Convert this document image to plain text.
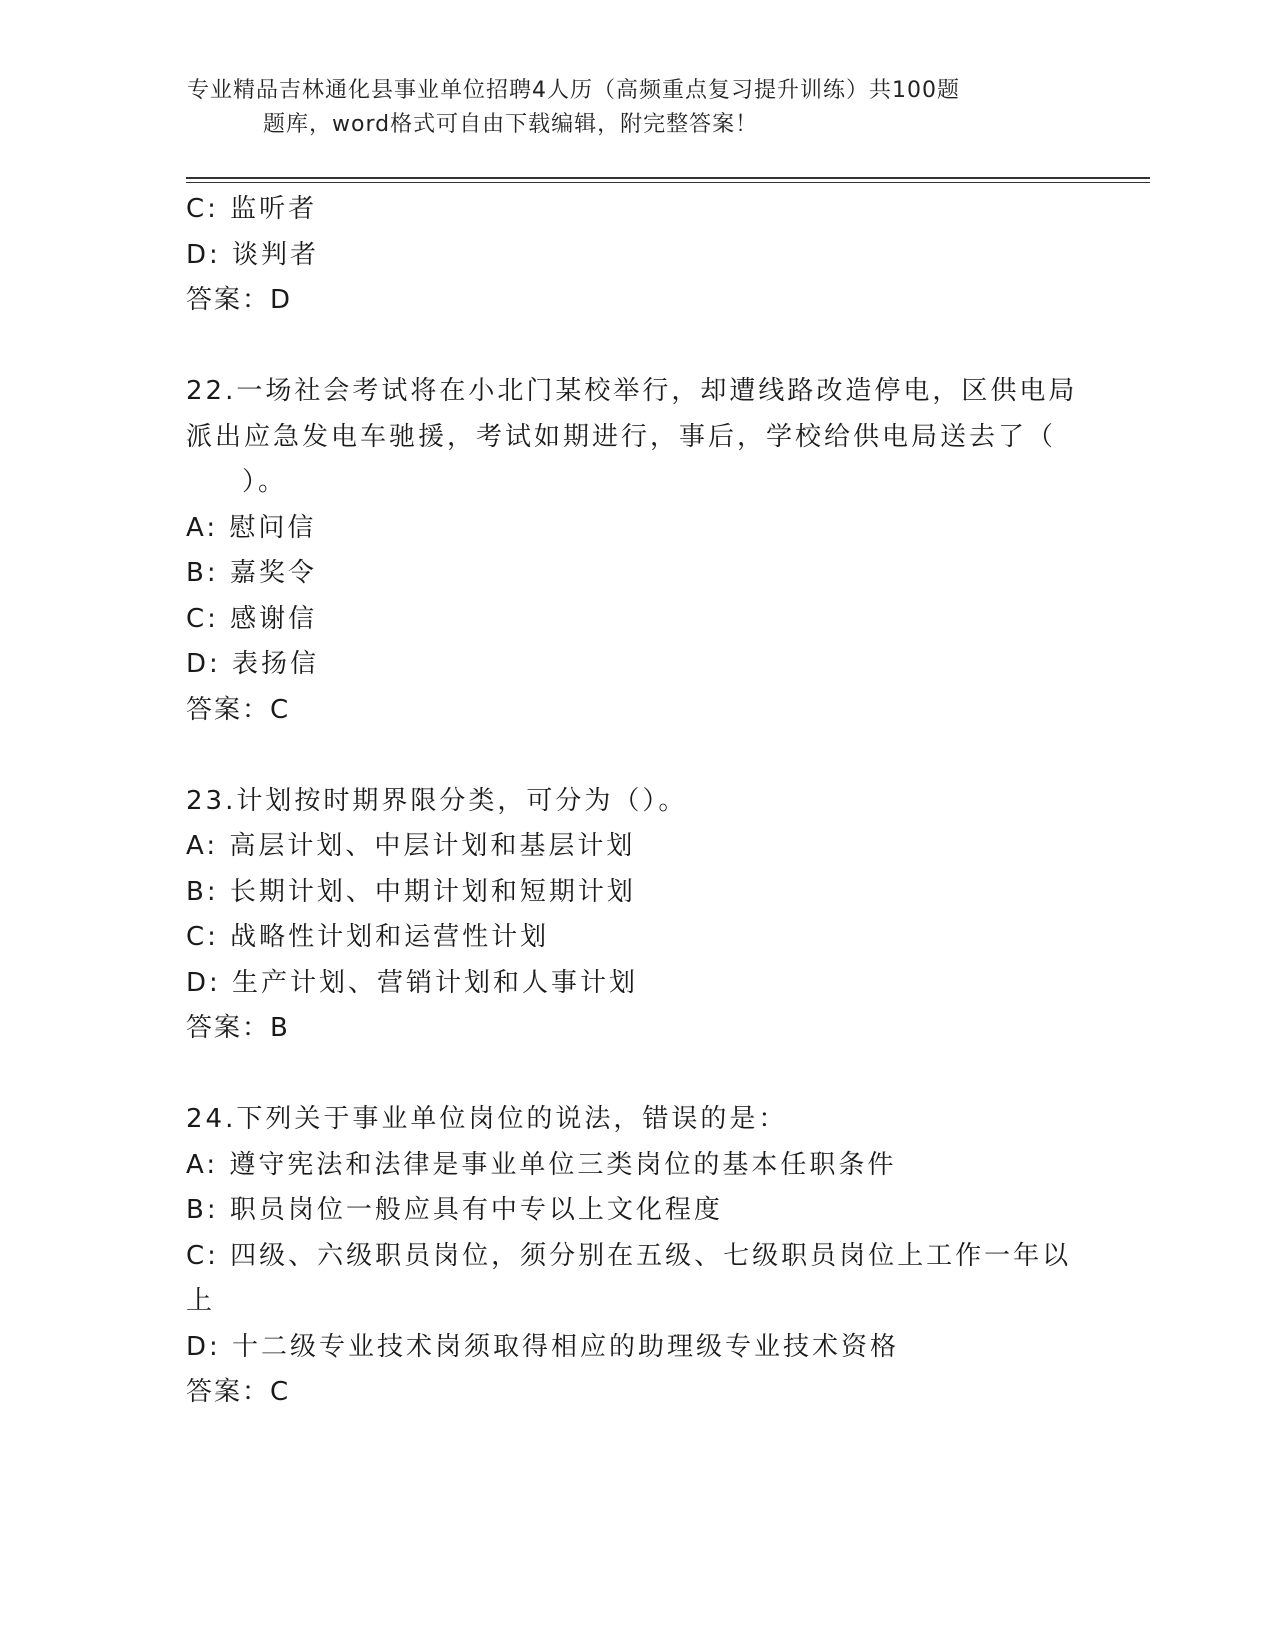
专业精品吉林通化县事业单位招聘4人历（高频重点复习提升训练）共100题
题库，word格式可自由下载编辑，附完整答案！
C: 监听者
D: 谈判者
答案：D
22.一场社会考试将在小北门某校举行，却遭线路改造停电，区供电局
派出应急发电车驰援，考试如期进行，事后，学校给供电局送去了（
）。
A: 慰问信
B: 嘉奖令
C: 感谢信
D: 表扬信
答案：C
23.计划按时期界限分类，可分为（）。
A: 高层计划、中层计划和基层计划
B: 长期计划、中期计划和短期计划
C: 战略性计划和运营性计划
D: 生产计划、营销计划和人事计划
答案：B
24.下列关于事业单位岗位的说法，错误的是：
A: 遵守宪法和法律是事业单位三类岗位的基本任职条件
B: 职员岗位一般应具有中专以上文化程度
C: 四级、六级职员岗位，须分别在五级、七级职员岗位上工作一年以
上
D: 十二级专业技术岗须取得相应的助理级专业技术资格
答案：C
